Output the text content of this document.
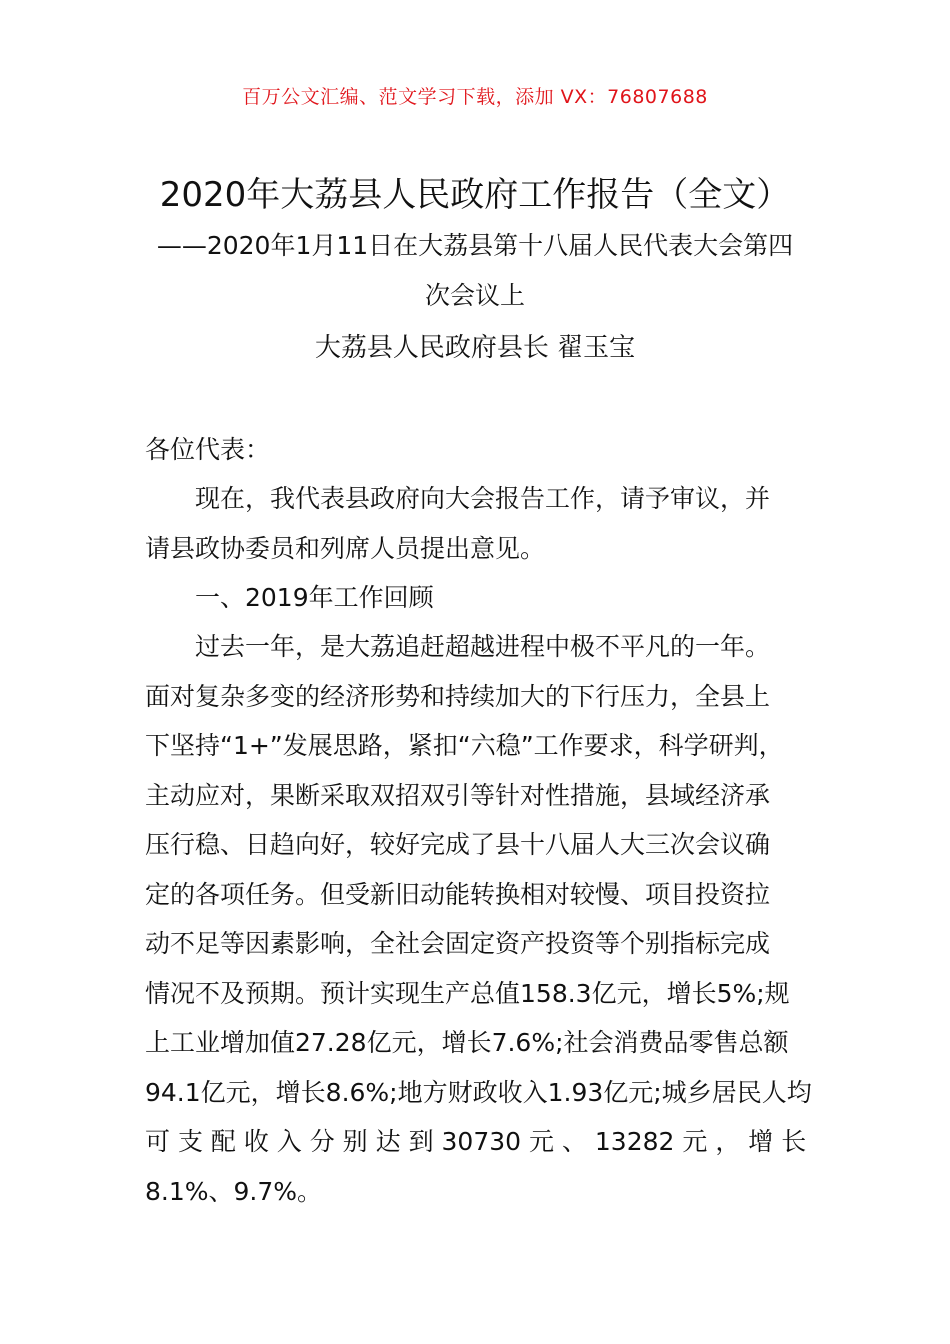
百万公文汇编、范文学习下载，添加 VX：76807688
2020年大荔县人民政府工作报告（全文）
——2020年1月11日在大荔县第十八届人民代表大会第四
次会议上
大荔县人民政府县长 翟玉宝
各位代表：
现在，我代表县政府向大会报告工作，请予审议，并
请县政协委员和列席人员提出意见。
一、2019年工作回顾
过去一年，是大荔追赶超越进程中极不平凡的一年。
面对复杂多变的经济形势和持续加大的下行压力，全县上
下坚持“1+”发展思路，紧扣“六稳”工作要求，科学研判，
主动应对，果断采取双招双引等针对性措施，县域经济承
压行稳、日趋向好，较好完成了县十八届人大三次会议确
定的各项任务。但受新旧动能转换相对较慢、项目投资拉
动不足等因素影响，全社会固定资产投资等个别指标完成
情况不及预期。预计实现生产总值158.3亿元，增长5%;规
上工业增加值27.28亿元，增长7.6%;社会消费品零售总额
94.1亿元，增长8.6%;地方财政收入1.93亿元;城乡居民人均
可 支 配 收 入 分 别 达 到 30730 元 、 13282 元 ， 增 长
8.1%、9.7%。
